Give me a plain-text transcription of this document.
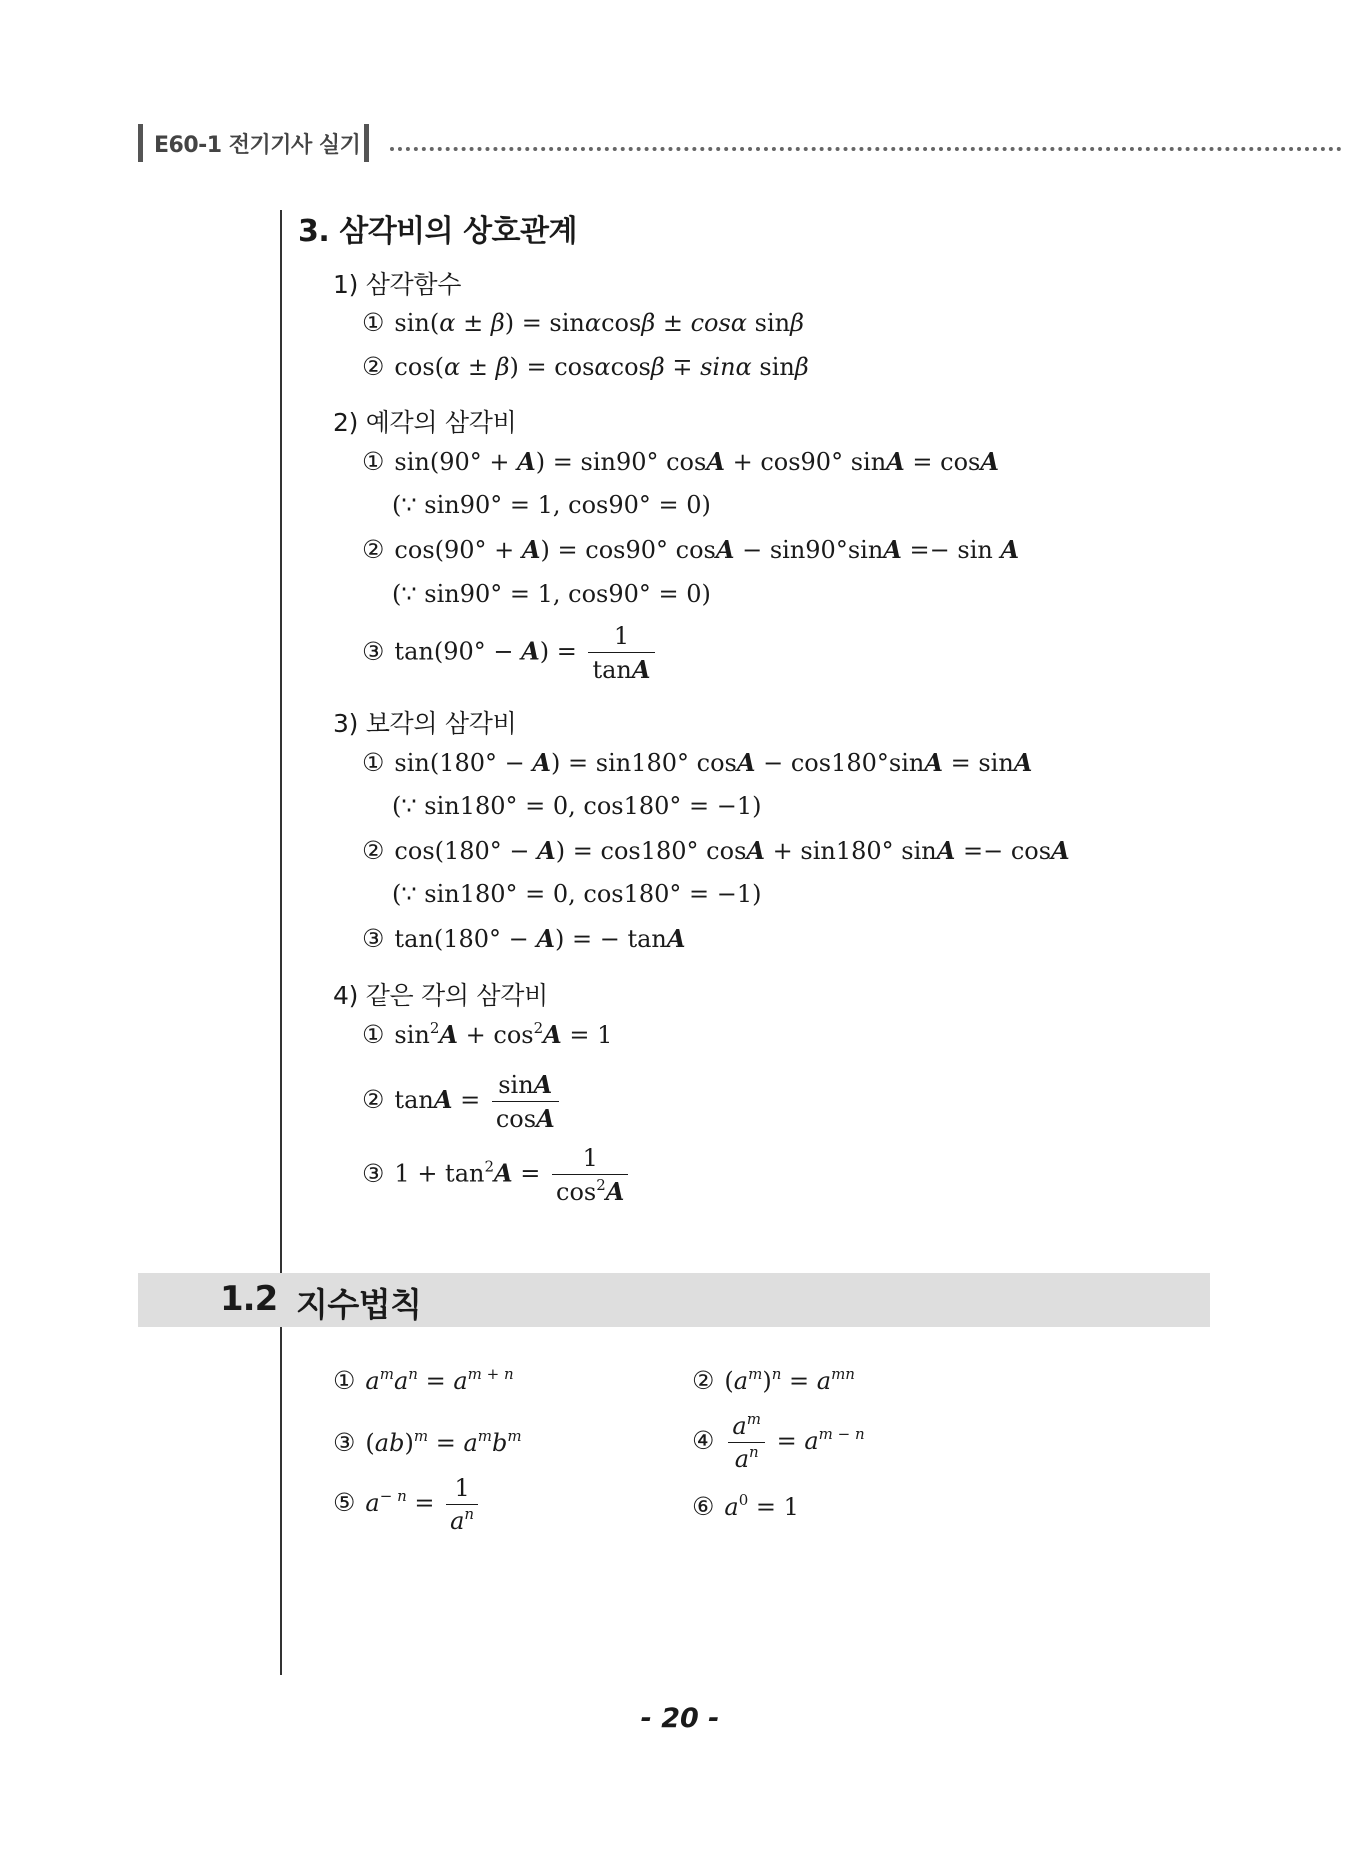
E60-1 전기기사 실기
3. 삼각비의 상호관계
1) 삼각함수
① sin(α ± β) = sinαcosβ ± cosα sinβ
② cos(α ± β) = cosαcosβ ∓ sinα sinβ
2) 예각의 삼각비
① sin(90° + A) = sin90° cosA + cos90° sinA = cosA
(∵ sin90° = 1, cos90° = 0)
② cos(90° + A) = cos90° cosA − sin90°sinA =− sin A
(∵ sin90° = 1, cos90° = 0)
③ $\tan(90^\circ - A) = \frac{1}{\tan A}$
3) 보각의 삼각비
① sin(180° − A) = sin180° cosA − cos180°sinA = sinA
(∵ sin180° = 0, cos180° = −1)
② cos(180° − A) = cos180° cosA + sin180° sinA =− cosA
(∵ sin180° = 0, cos180° = −1)
③ tan(180° − A) = − tanA
4) 같은 각의 삼각비
① $\sin^2A + \cos^2A = 1$
② $\tan A = \frac{\sin A}{\cos A}$
③ $1 + \tan^2A = \frac{1}{\cos^2A}$
1.2 지수법칙
① $a^ma^n = a^{m + n}$	② $(a^m)^n = a^{mn}$
③ $(ab)^m = a^mb^m$	④ $\frac{a^m}{a^n} = a^{m - n}$
⑤ $a^{- n} = \frac{1}{a^n}$	⑥ $a^0 = 1$
- 20 -
